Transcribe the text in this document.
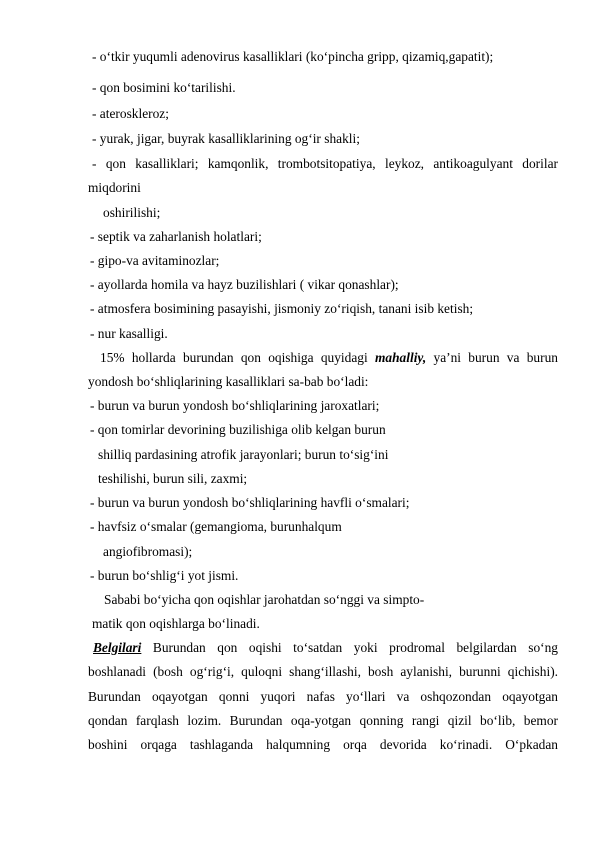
- o‘tkir yuqumli adenovirus kasalliklari (ko‘pincha gripp, qizamiq,gapatit);
- qon bosimini ko‘tarilishi.
- ateroskleroz;
- yurak, jigar, buyrak kasalliklarining og‘ir shakli;
- qon kasalliklari; kamqonlik, trombotsitopatiya, leykoz, antikoagulyant dorilar
miqdorini
oshirilishi;
- septik va zaharlanish holatlari;
- gipo-va avitaminozlar;
- ayollarda homila va hayz buzilishlari ( vikar qonashlar);
- atmosfera bosimining pasayishi, jismoniy zo‘riqish, tanani isib ketish;
- nur kasalligi.
15% hollarda burundan qon oqishiga quyidagi mahalliy, ya’ni burun va burun
yondosh bo‘shliqlarining kasalliklari sa-bab bo‘ladi:
- burun va burun yondosh bo‘shliqlarining jaroxatlari;
- qon tomirlar devorining buzilishiga olib kelgan burun
shilliq pardasining atrofik jarayonlari; burun to‘sig‘ini
teshilishi, burun sili, zaxmi;
- burun va burun yondosh bo‘shliqlarining havfli o‘smalari;
- havfsiz o‘smalar (gemangioma, burunhalqum
angiofibromasi);
- burun bo‘shlig‘i yot jismi.
Sababi bo‘yicha qon oqishlar jarohatdan so‘nggi va simpto-
matik qon oqishlarga bo‘linadi.
Belgilari Burundan qon oqishi to‘satdan yoki prodromal belgilardan so‘ng
boshlanadi (bosh og‘rig‘i, quloqni shang‘illashi, bosh aylanishi, burunni qichishi).
Burundan oqayotgan qonni yuqori nafas yo‘llari va oshqozondan oqayotgan
qondan farqlash lozim. Burundan oqa-yotgan qonning rangi qizil bo‘lib, bemor
boshini orqaga tashlaganda halqumning orqa devorida ko‘rinadi. O‘pkadan
